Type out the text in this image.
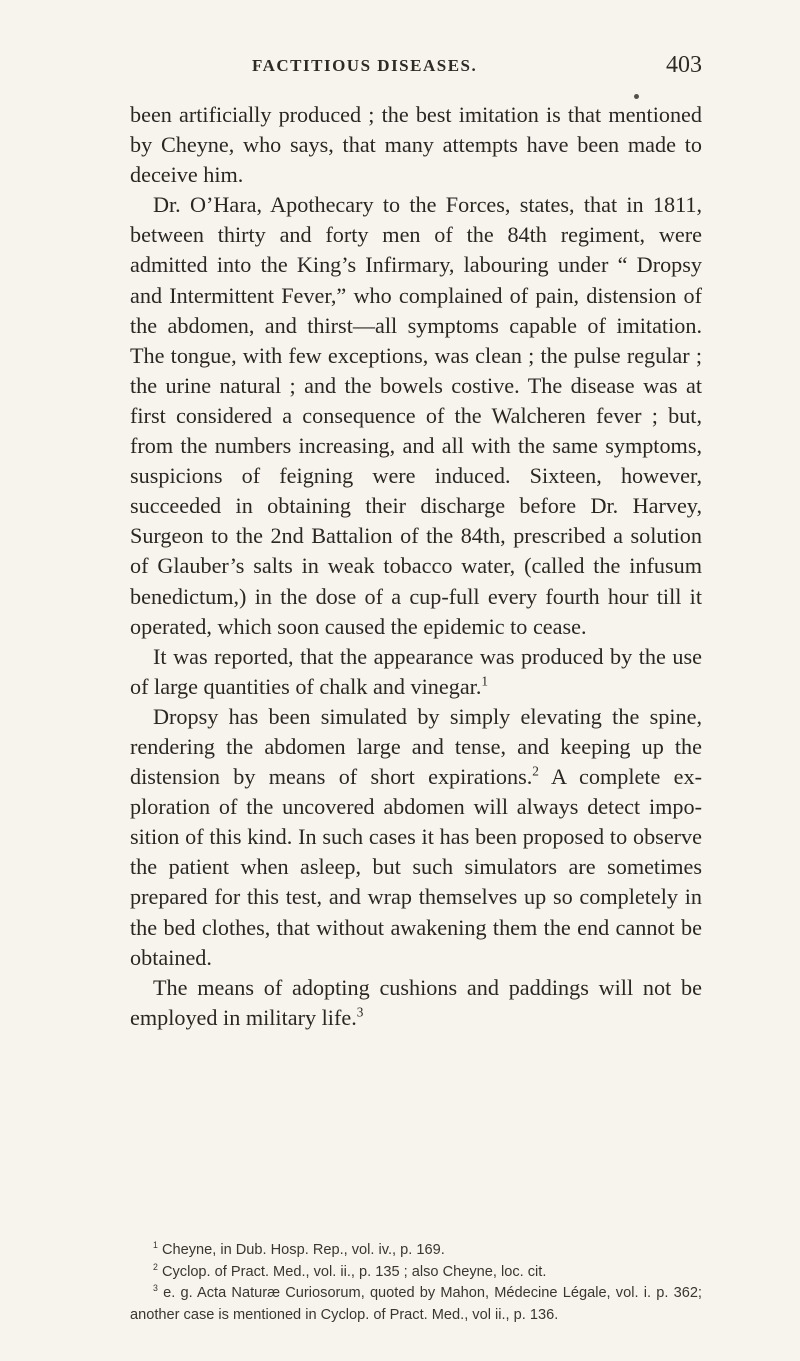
FACTITIOUS DISEASES.	403

been artificially produced ; the best imitation is that mentioned by Cheyne, who says, that many attempts have been made to deceive him.

Dr. O’Hara, Apothecary to the Forces, states, that in 1811, between thirty and forty men of the 84th regiment, were admitted into the King’s Infirmary, labouring under “ Dropsy and Intermittent Fever,” who complained of pain, distension of the abdomen, and thirst—all symptoms capable of imitation. The tongue, with few exceptions, was clean ; the pulse regular ; the urine natural ; and the bowels costive. The disease was at first considered a consequence of the Walcheren fever ; but, from the numbers increasing, and all with the same symptoms, suspicions of feigning were induced. Sixteen, however, succeeded in obtaining their discharge before Dr. Harvey, Surgeon to the 2nd Battalion of the 84th, prescribed a solution of Glauber’s salts in weak tobacco water, (called the infusum benedictum,) in the dose of a cup-full every fourth hour till it operated, which soon caused the epidemic to cease.

It was reported, that the appearance was produced by the use of large quantities of chalk and vinegar.$^1$

Dropsy has been simulated by simply elevating the spine, rendering the abdomen large and tense, and keeping up the distension by means of short expirations.$^2$ A complete exploration of the uncovered abdomen will always detect imposition of this kind. In such cases it has been proposed to observe the patient when asleep, but such simulators are sometimes prepared for this test, and wrap themselves up so completely in the bed clothes, that without awakening them the end cannot be obtained.

The means of adopting cushions and paddings will not be employed in military life.$^3$

$^1$ Cheyne, in Dub. Hosp. Rep., vol. iv., p. 169.

$^2$ Cyclop. of Pract. Med., vol. ii., p. 135 ; also Cheyne, loc. cit.

$^3$ e. g. Acta Naturæ Curiosorum, quoted by Mahon, Médecine Légale, vol. i. p. 362; another case is mentioned in Cyclop. of Pract. Med., vol ii., p. 136.
